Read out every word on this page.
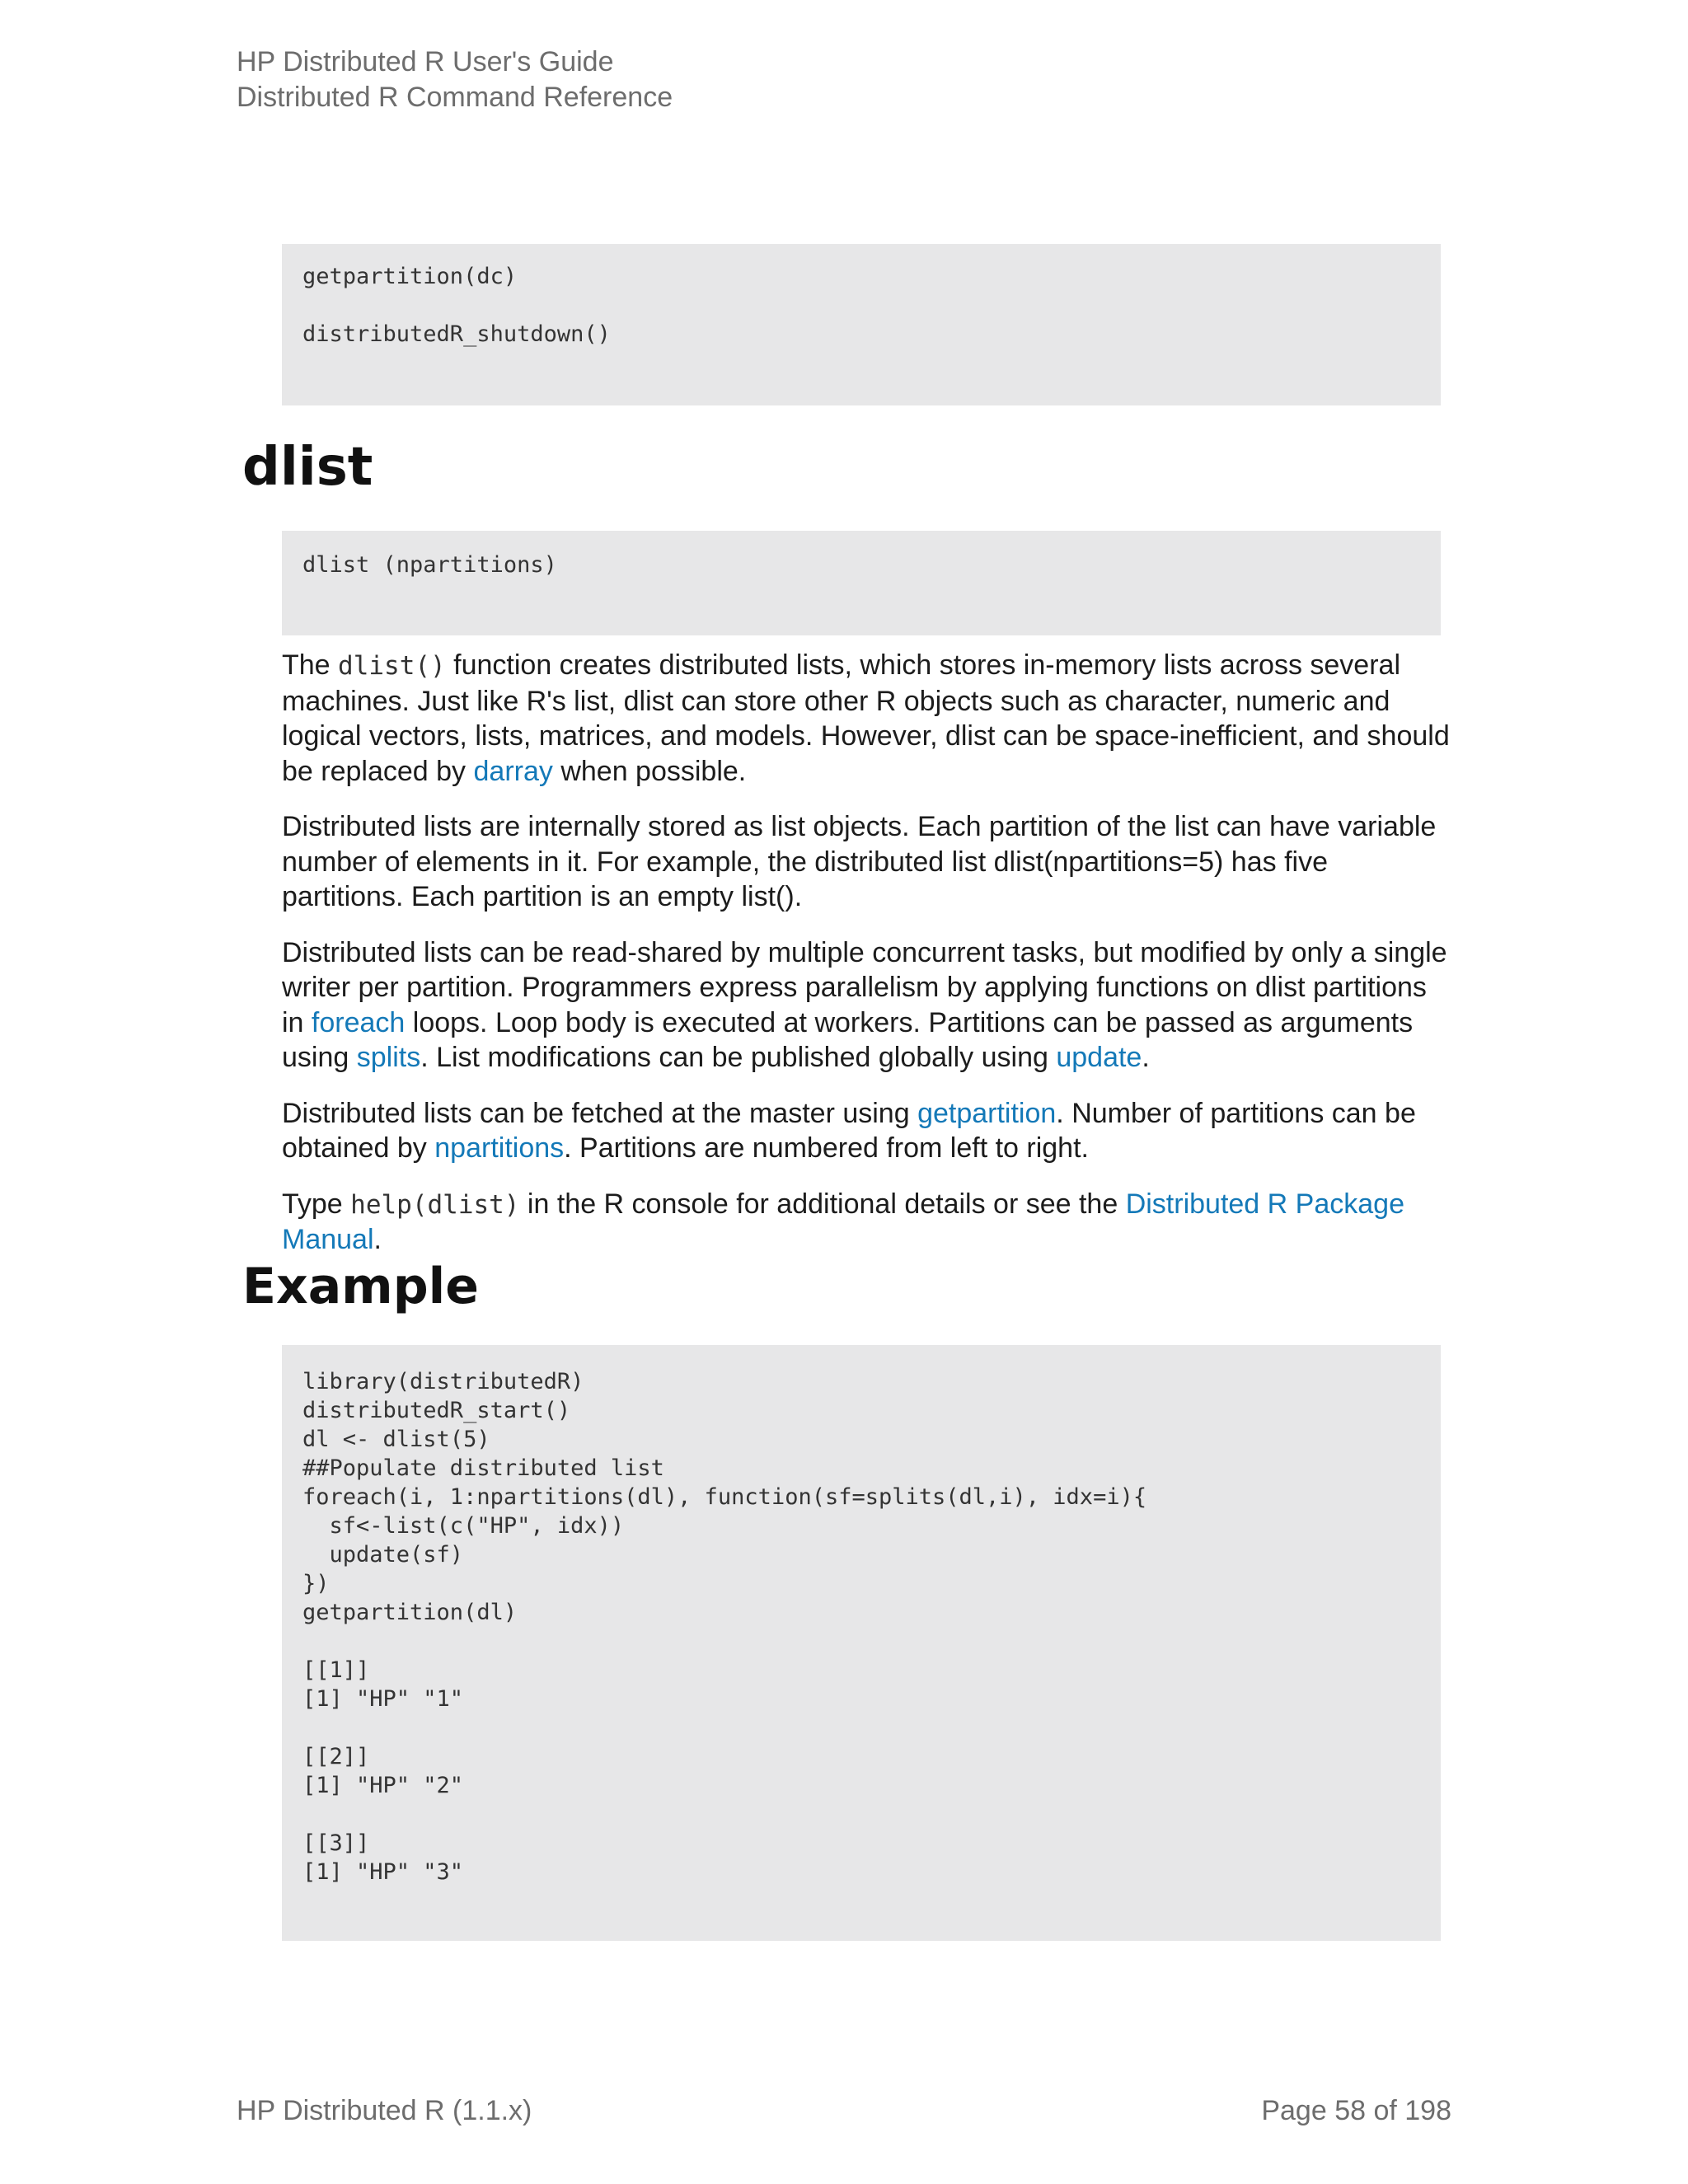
HP Distributed R User's Guide
Distributed R Command Reference
getpartition(dc)
distributedR_shutdown()
dlist
dlist (npartitions)

The dlist() function creates distributed lists, which stores in-memory lists across several machines. Just like R's list, dlist can store other R objects such as character, numeric and logical vectors, lists, matrices, and models. However, dlist can be space-inefficient, and should be replaced by darray when possible.

Distributed lists are internally stored as list objects. Each partition of the list can have variable number of elements in it. For example, the distributed list dlist(npartitions=5) has five partitions. Each partition is an empty list().

Distributed lists can be read-shared by multiple concurrent tasks, but modified by only a single writer per partition. Programmers express parallelism by applying functions on dlist partitions in foreach loops. Loop body is executed at workers. Partitions can be passed as arguments using splits. List modifications can be published globally using update.

Distributed lists can be fetched at the master using getpartition. Number of partitions can be obtained by npartitions. Partitions are numbered from left to right.

Type help(dlist) in the R console for additional details or see the Distributed R Package Manual.

Example
library(distributedR)
distributedR_start()
dl <- dlist(5)
##Populate distributed list
foreach(i, 1:npartitions(dl), function(sf=splits(dl,i), idx=i){
sf<-list(c("HP", idx))
update(sf)
})
getpartition(dl)
[[1]]
[1] "HP" "1"
[[2]]
[1] "HP" "2"
[[3]]
[1] "HP" "3"
HP Distributed R (1.1.x)	Page 58 of 198
